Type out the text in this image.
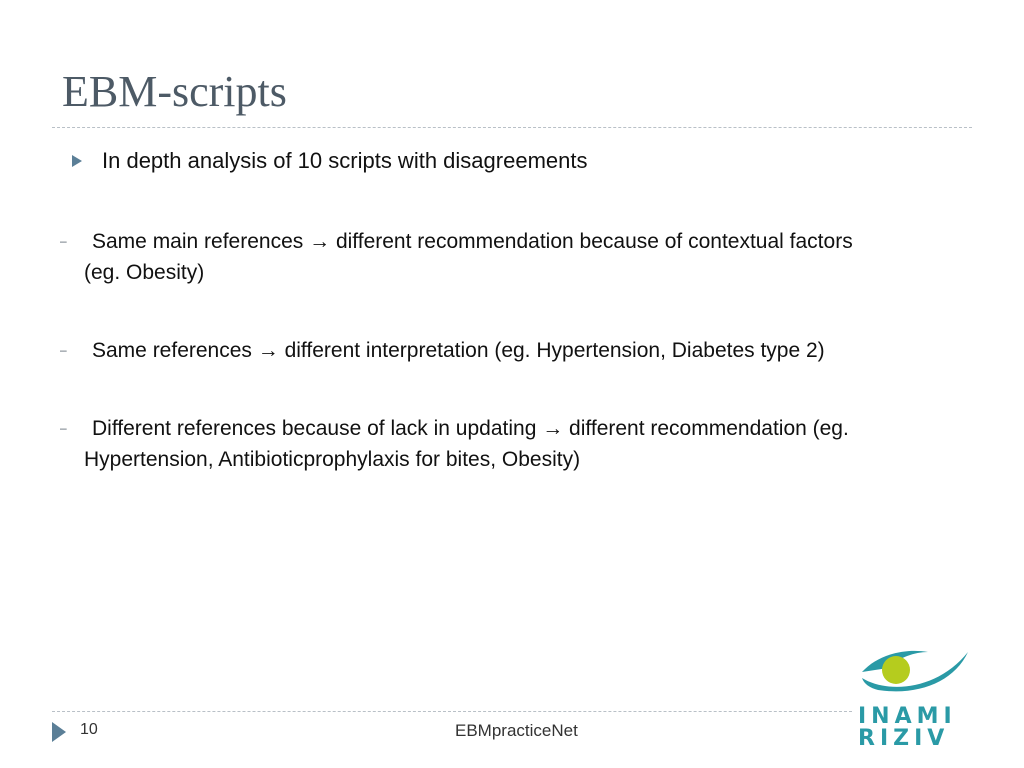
EBM-scripts
In depth analysis of 10 scripts with disagreements
–	Same main references → different recommendation because of contextual factors
(eg. Obesity)
–	Same references → different interpretation (eg. Hypertension, Diabetes type 2)
–	Different references because of lack in updating → different recommendation (eg.
Hypertension, Antibioticprophylaxis for bites, Obesity)
10	EBMpracticeNet
INAMI
RIZIV
